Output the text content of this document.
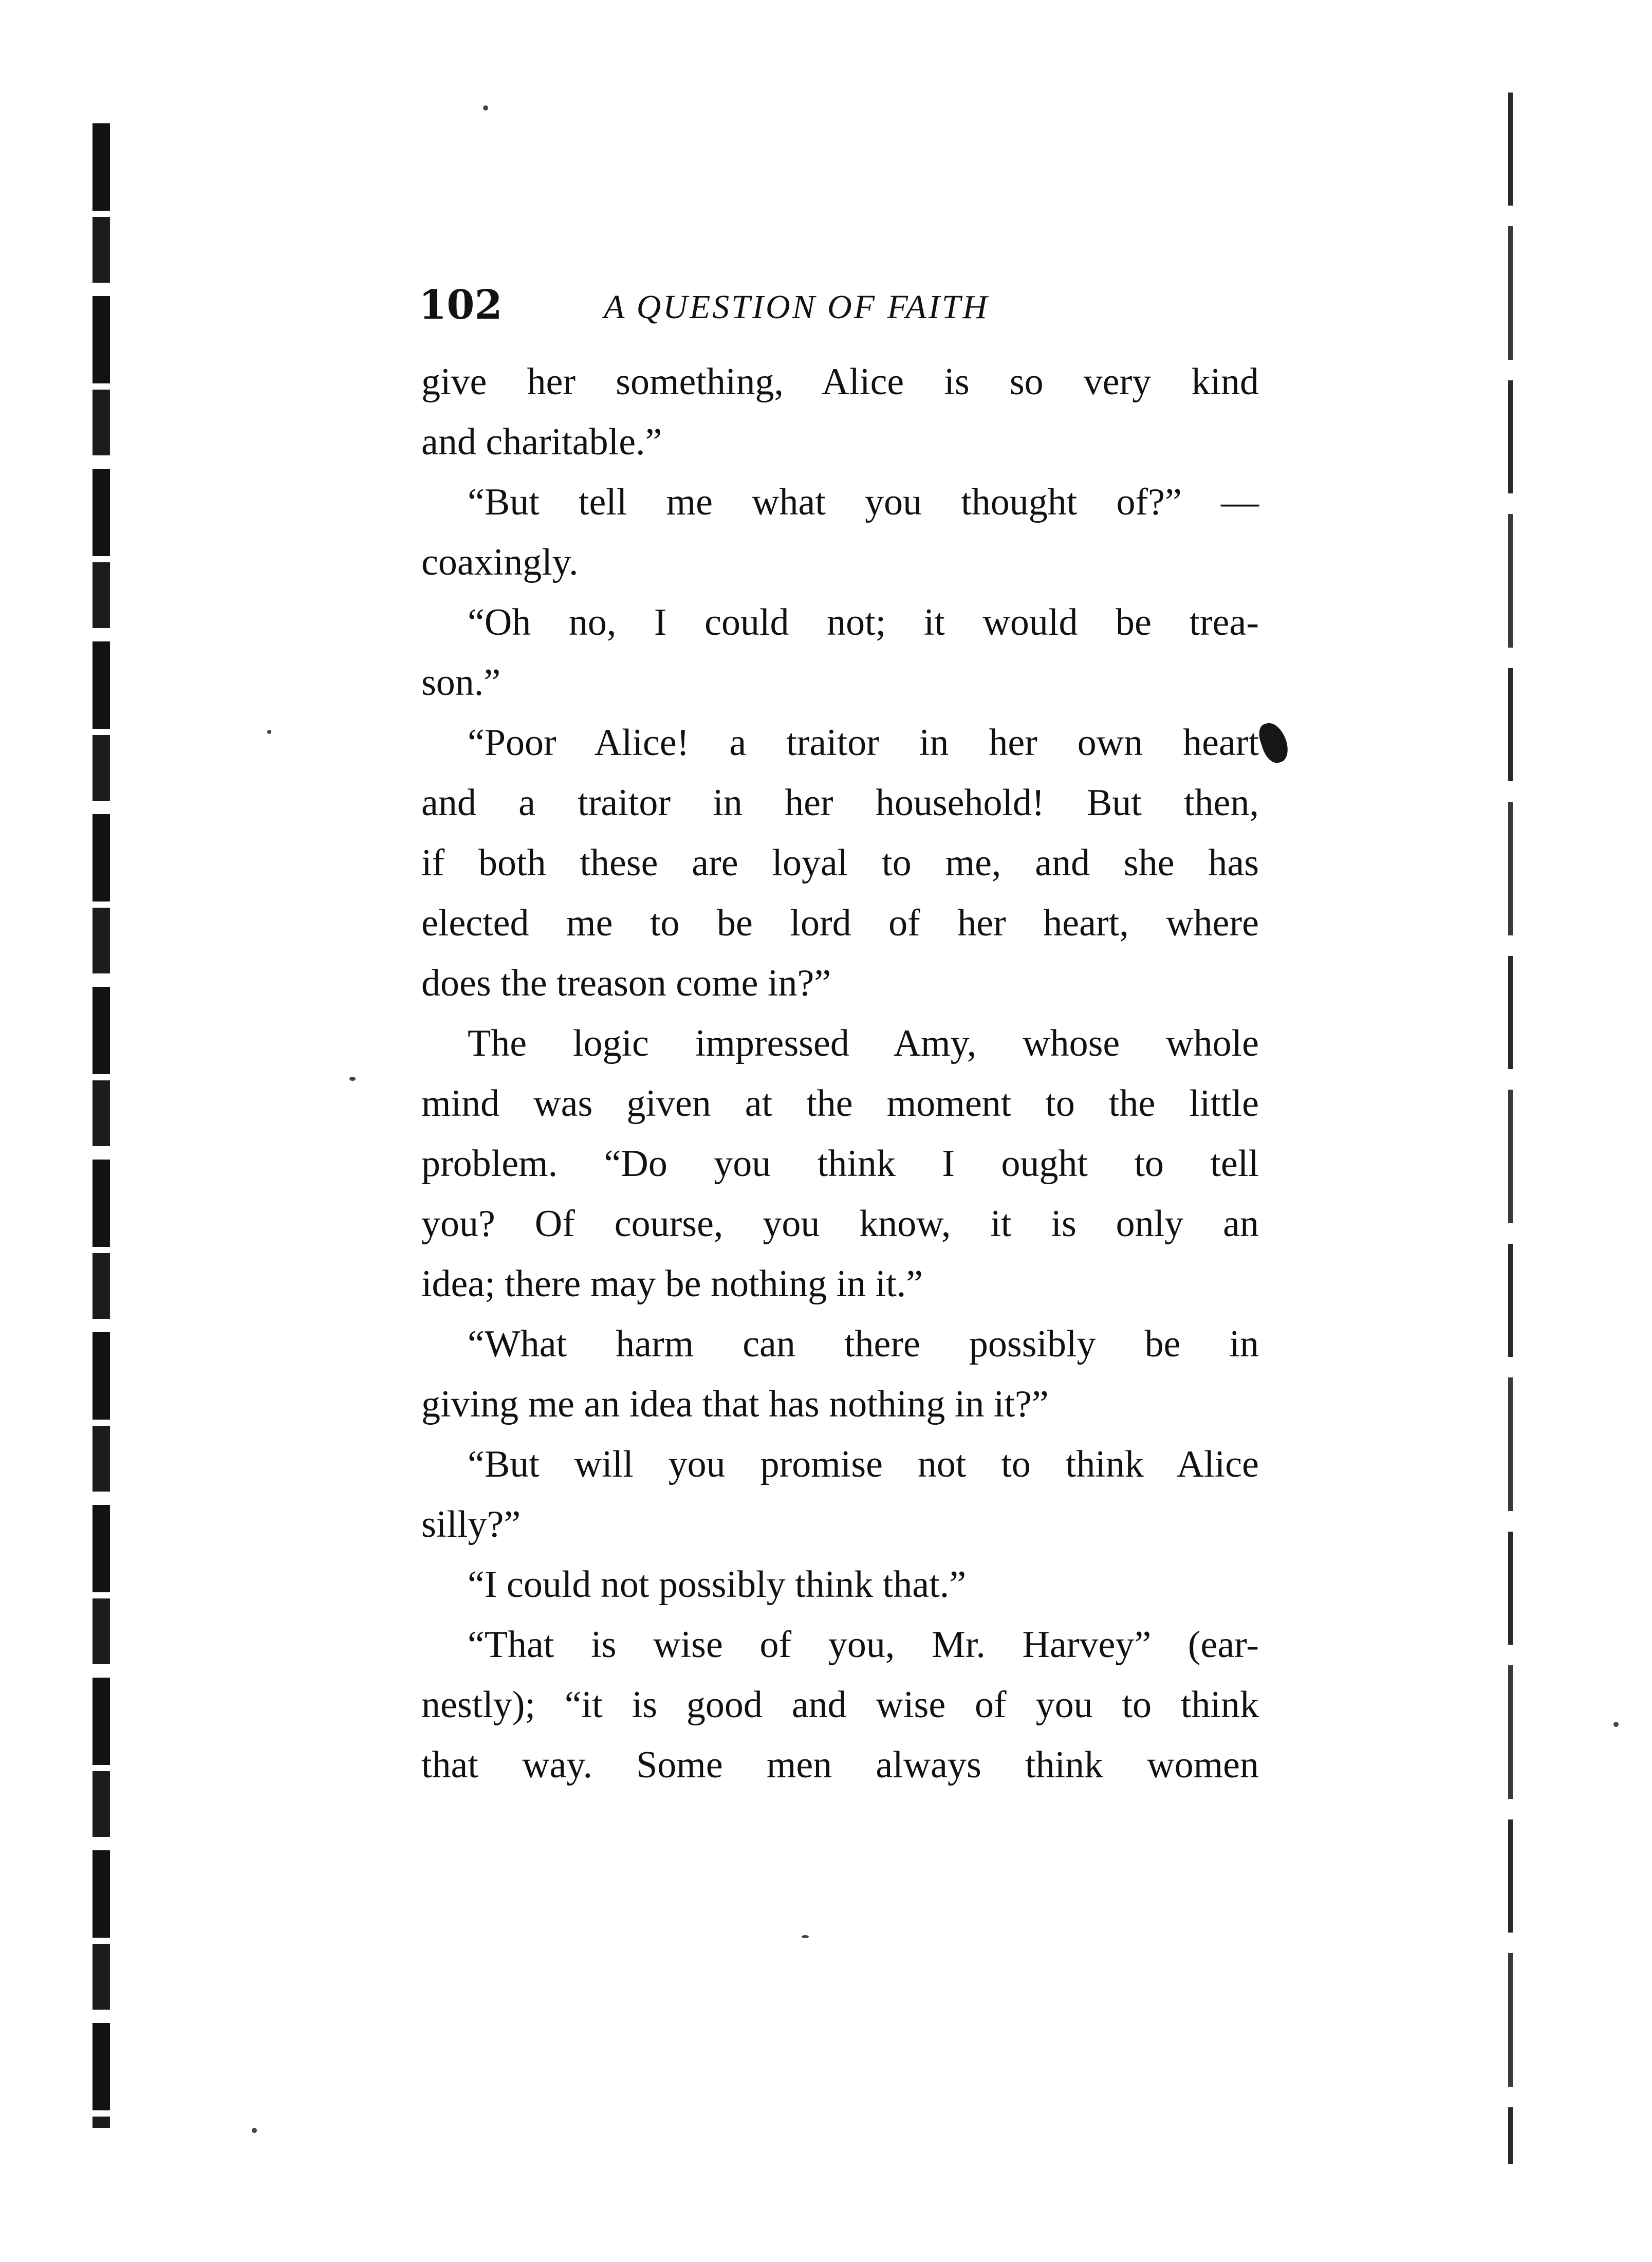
102	A QUESTION OF FAITH
give her something, Alice is so very kind
and charitable.”
“But tell me what you thought of?” —
coaxingly.
“Oh no, I could not; it would be trea-
son.”
“Poor Alice! a traitor in her own heart
and a traitor in her household! But then,
if both these are loyal to me, and she has
elected me to be lord of her heart, where
does the treason come in?”
The logic impressed Amy, whose whole
mind was given at the moment to the little
problem. “Do you think I ought to tell
you? Of course, you know, it is only an
idea; there may be nothing in it.”
“What harm can there possibly be in
giving me an idea that has nothing in it?”
“But will you promise not to think Alice
silly?”
“I could not possibly think that.”
“That is wise of you, Mr. Harvey” (ear-
nestly); “it is good and wise of you to think
that way. Some men always think women
